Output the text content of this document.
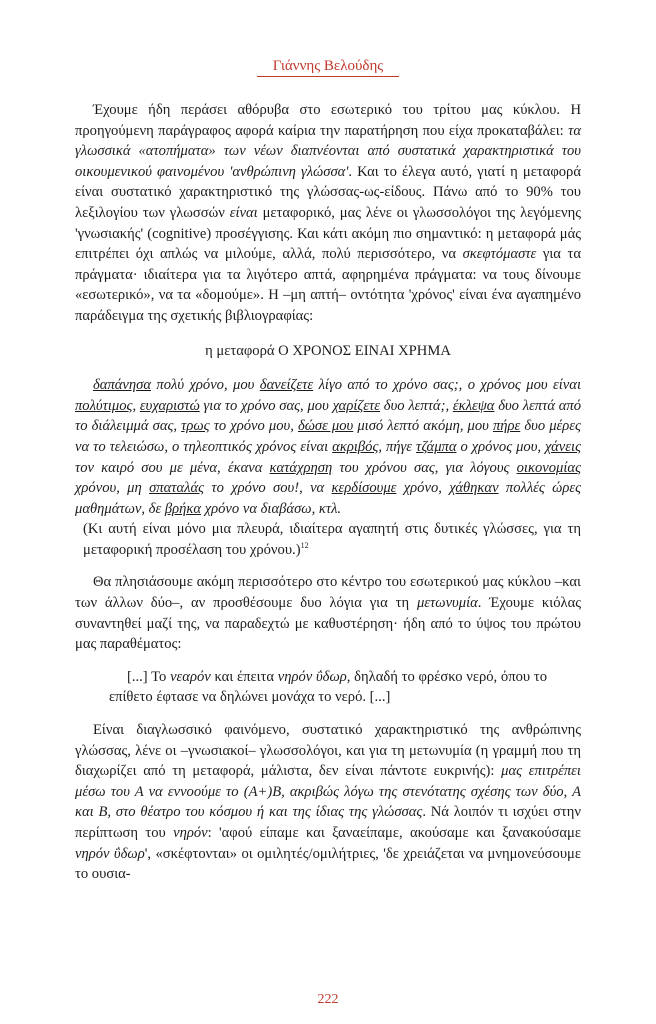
Γιάννης Βελούδης

Έχουμε ήδη περάσει αθόρυβα στο εσωτερικό του τρίτου μας κύκλου. Η προηγούμενη παράγραφος αφορά καίρια την παρατήρηση που είχα προκαταβάλει: τα γλωσσικά «ατοπήματα» των νέων διαπνέονται από συστατικά χαρακτηριστικά του οικουμενικού φαινομένου 'ανθρώπινη γλώσσα'. Και το έλεγα αυτό, γιατί η μεταφορά είναι συστατικό χαρακτηριστικό της γλώσσας-ως-είδους. Πάνω από το 90% του λεξιλογίου των γλωσσών είναι μεταφορικό, μας λένε οι γλωσσολόγοι της λεγόμενης 'γνωσιακής' (cognitive) προσέγγισης. Και κάτι ακόμη πιο σημαντικό: η μεταφορά μάς επιτρέπει όχι απλώς να μιλούμε, αλλά, πολύ περισσότερο, να σκεφτόμαστε για τα πράγματα· ιδιαίτερα για τα λιγότερο απτά, αφηρημένα πράγματα: να τους δίνουμε «εσωτερικό», να τα «δομούμε». Η –μη απτή– οντότητα 'χρόνος' είναι ένα αγαπημένο παράδειγμα της σχετικής βιβλιογραφίας:

η μεταφορά Ο ΧΡΟΝΟΣ ΕΙΝΑΙ ΧΡΗΜΑ

δαπάνησα πολύ χρόνο, μου δανείζετε λίγο από το χρόνο σας;, ο χρόνος μου είναι πολύτιμος, ευχαριστώ για το χρόνο σας, μου χαρίζετε δυο λεπτά;, έκλεψα δυο λεπτά από το διάλειμμά σας, τρως το χρόνο μου, δώσε μου μισό λεπτό ακόμη, μου πήρε δυο μέρες να το τελειώσω, ο τηλεοπτικός χρόνος είναι ακριβός, πήγε τζάμπα ο χρόνος μου, χάνεις τον καιρό σου με μένα, έκανα κατάχρηση του χρόνου σας, για λόγους οικονομίας χρόνου, μη σπαταλάς το χρόνο σου!, να κερδίσουμε χρόνο, χάθηκαν πολλές ώρες μαθημάτων, δε βρήκα χρόνο να διαβάσω, κτλ.

(Κι αυτή είναι μόνο μια πλευρά, ιδιαίτερα αγαπητή στις δυτικές γλώσσες, για τη μεταφορική προσέλαση του χρόνου.)$^{12}$

Θα πλησιάσουμε ακόμη περισσότερο στο κέντρο του εσωτερικού μας κύκλου –και των άλλων δύο–, αν προσθέσουμε δυο λόγια για τη μετωνυμία. Έχουμε κιόλας συναντηθεί μαζί της, να παραδεχτώ με καθυστέρηση· ήδη από το ύψος του πρώτου μας παραθέματος:

[...] Το νεαρόν και έπειτα νηρόν ΰδωρ, δηλαδή το φρέσκο νερό, όπου το επίθετο έφτασε να δηλώνει μονάχα το νερό. [...]

Είναι διαγλωσσικό φαινόμενο, συστατικό χαρακτηριστικό της ανθρώπινης γλώσσας, λένε οι –γνωσιακοί– γλωσσολόγοι, και για τη μετωνυμία (η γραμμή που τη διαχωρίζει από τη μεταφορά, μάλιστα, δεν είναι πάντοτε ευκρινής): μας επιτρέπει μέσω του Α να εννοούμε το (Α+)Β, ακριβώς λόγω της στενότατης σχέσης των δύο, Α και Β, στο θέατρο του κόσμου ή και της ίδιας της γλώσσας. Νά λοιπόν τι ισχύει στην περίπτωση του νηρόν: 'αφού είπαμε και ξαναείπαμε, ακούσαμε και ξανακούσαμε νηρόν ΰδωρ', «σκέφτονται» οι ομιλητές/ομιλήτριες, 'δε χρειάζεται να μνημονεύσουμε το ουσια-

222
